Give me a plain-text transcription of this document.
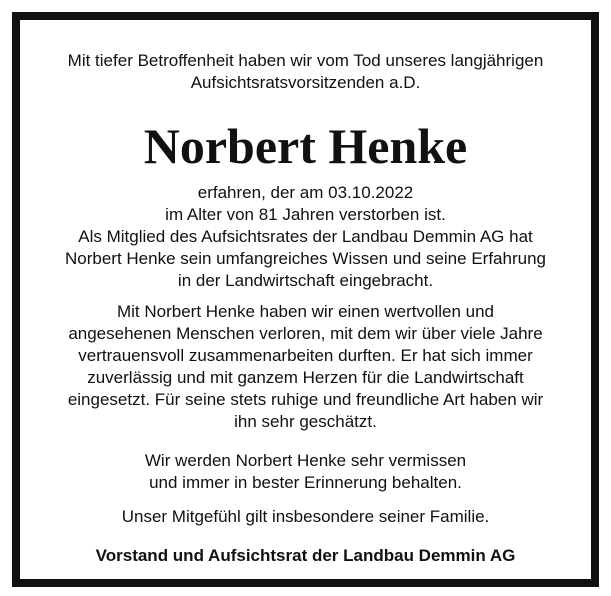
Mit tiefer Betroffenheit haben wir vom Tod unseres langjährigen
Aufsichtsratsvorsitzenden a.D.

Norbert Henke

erfahren, der am 03.10.2022
im Alter von 81 Jahren verstorben ist.
Als Mitglied des Aufsichtsrates der Landbau Demmin AG hat
Norbert Henke sein umfangreiches Wissen und seine Erfahrung
in der Landwirtschaft eingebracht.

Mit Norbert Henke haben wir einen wertvollen und
angesehenen Menschen verloren, mit dem wir über viele Jahre
vertrauensvoll zusammenarbeiten durften. Er hat sich immer
zuverlässig und mit ganzem Herzen für die Landwirtschaft
eingesetzt. Für seine stets ruhige und freundliche Art haben wir
ihn sehr geschätzt.

Wir werden Norbert Henke sehr vermissen
und immer in bester Erinnerung behalten.

Unser Mitgefühl gilt insbesondere seiner Familie.

Vorstand und Aufsichtsrat der Landbau Demmin AG
